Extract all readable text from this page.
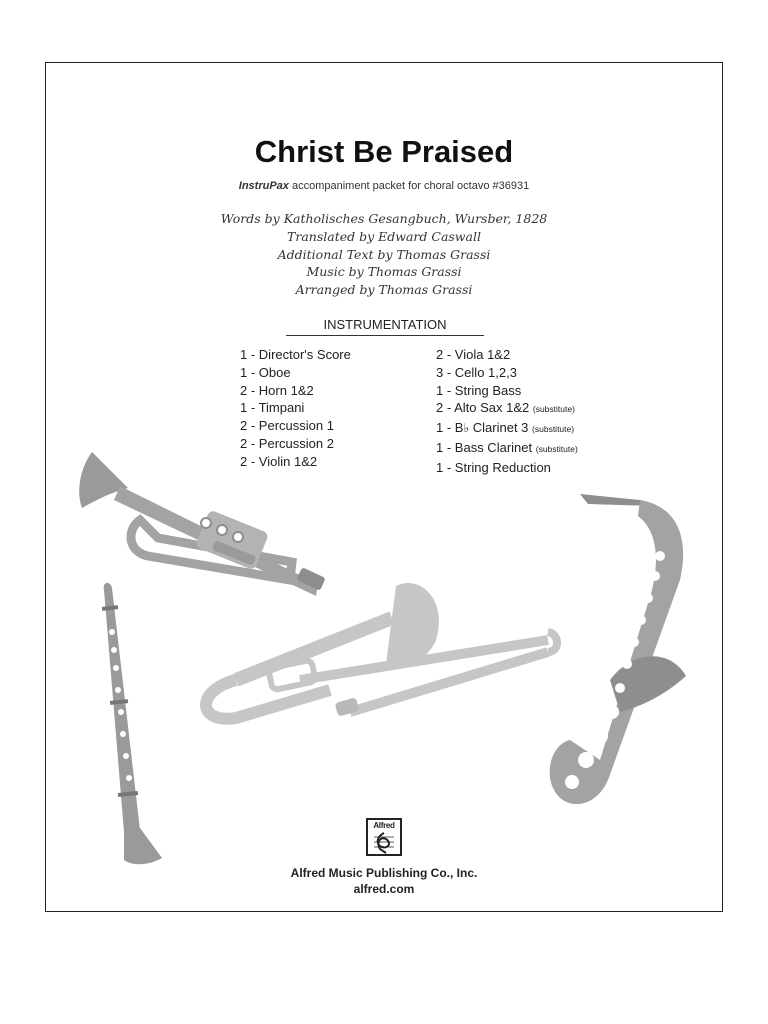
Christ Be Praised
InstruPax accompaniment packet for choral octavo #36931
Words by Katholisches Gesangbuch, Wursber, 1828
Translated by Edward Caswall
Additional Text by Thomas Grassi
Music by Thomas Grassi
Arranged by Thomas Grassi
INSTRUMENTATION
1 - Director's Score
1 - Oboe
2 - Horn 1&2
1 - Timpani
2 - Percussion 1
2 - Percussion 2
2 - Violin 1&2
2 - Viola 1&2
3 - Cello 1,2,3
1 - String Bass
2 - Alto Sax 1&2 (substitute)
1 - B♭ Clarinet 3 (substitute)
1 - Bass Clarinet (substitute)
1 - String Reduction
Alfred
Alfred Music Publishing Co., Inc.
alfred.com
